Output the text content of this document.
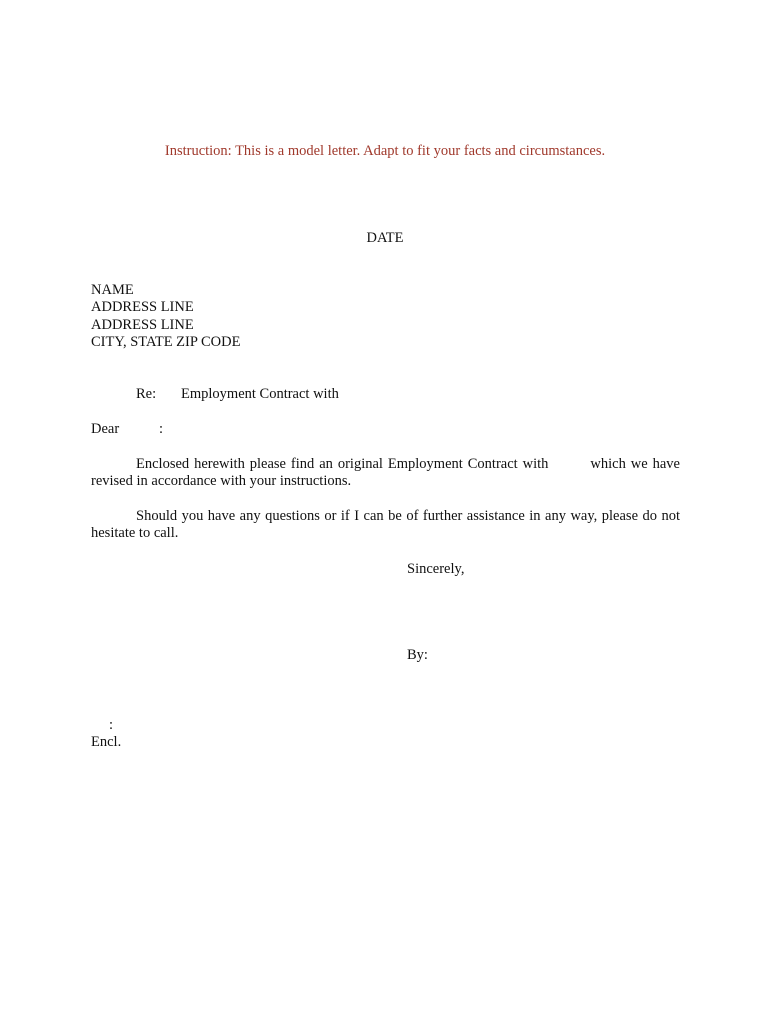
Instruction: This is a model letter. Adapt to fit your facts and circumstances.
DATE
NAME
ADDRESS LINE
ADDRESS LINE
CITY, STATE ZIP CODE
Re: Employment Contract with
Dear	:
Enclosed herewith please find an original Employment Contract with	which we have revised in accordance with your instructions.
Should you have any questions or if I can be of further assistance in any way, please do not hesitate to call.
Sincerely,
By:
:
Encl.
